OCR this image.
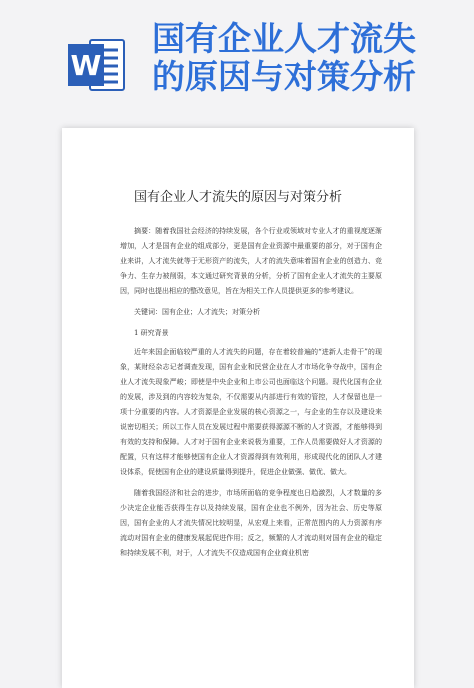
W
国有企业人才流失
的原因与对策分析
国有企业人才流失的原因与对策分析

摘要：随着我国社会经济的持续发展，各个行业或领域对专业人才的重视度逐渐增加，人才是国有企业的组成部分，更是国有企业资源中最重要的部分，对于国有企业来讲，人才流失就等于无形资产的流失，人才的流失意味着国有企业的创造力、竞争力、生存力被削弱，本文通过研究背景的分析，分析了国有企业人才流失的主要原因，同时也提出相应的整改意见，旨在为相关工作人员提供更多的参考建议。

关键词：国有企业；人才流失；对策分析

1 研究背景

近年来国企面临较严重的人才流失的问题，存在着较普遍的“进新人走骨干”的现象，某财经杂志记者调查发现，国有企业和民营企业在人才市场化争夺战中，国有企业人才流失现象严峻；即使是中央企业和上市公司也面临这个问题。现代化国有企业的发展，涉及到的内容较为复杂，不仅需要从内部进行有效的管控，人才保留也是一项十分重要的内容。人才资源是企业发展的核心资源之一，与企业的生存以及建设来说密切相关；所以工作人员在发展过程中需要获得源源不断的人才资源，才能够得到有效的支持和保障。人才对于国有企业来说极为重要，工作人员需要做好人才资源的配置，只有这样才能够使国有企业人才资源得到有效利用，形成现代化的团队人才建设体系，促使国有企业的建设质量得到提升，促进企业做强、做优、做大。

随着我国经济和社会的进步，市场所面临的竞争程度也日趋激烈，人才数量的多少决定企业能否获得生存以及持续发展，国有企业也不例外，因为社会、历史等原因，国有企业的人才流失情况比较明显，从宏观上来看，正常范围内的人力资源有序流动对国有企业的健康发展起促进作用；反之，频繁的人才流动则对国有企业的稳定和持续发展不利，对于，人才流失不仅造成国有企业商业机密
